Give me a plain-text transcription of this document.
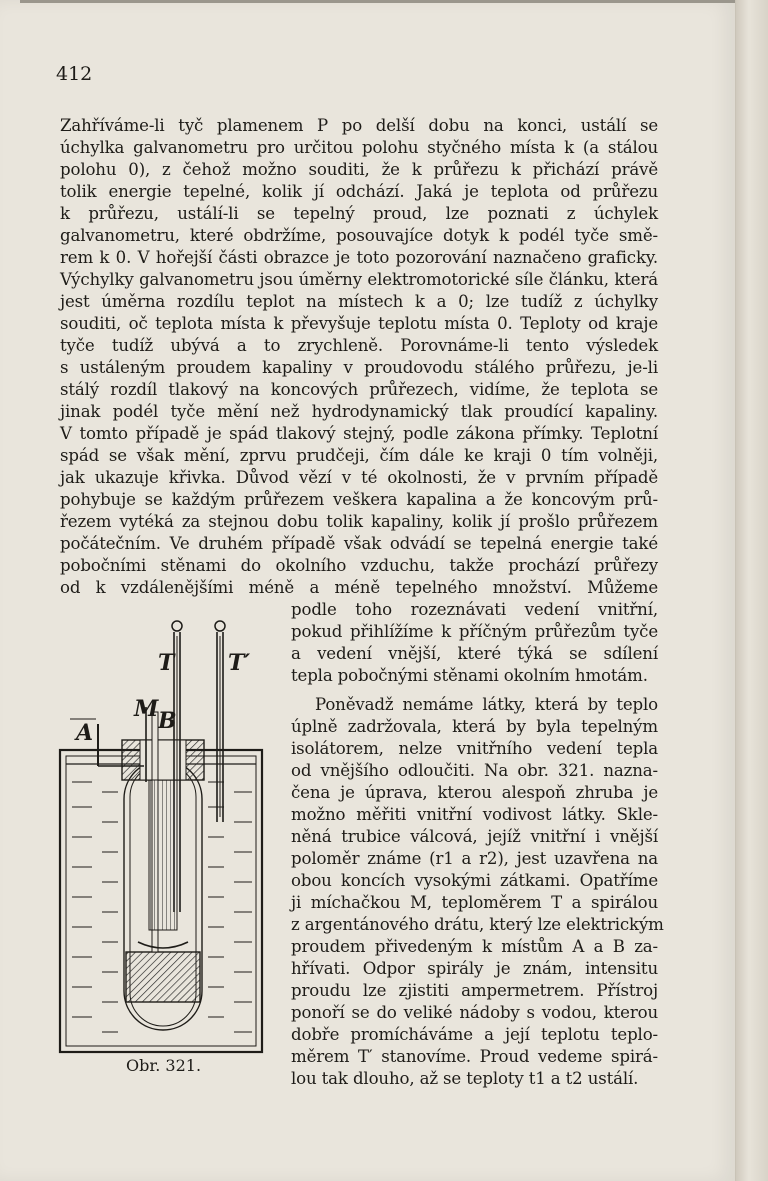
412
Zahříváme-li tyč plamenem P po delší dobu na konci, ustálí se
úchylka galvanometru pro určitou polohu styčného místa k (a stálou
polohu 0), z čehož možno souditi, že k průřezu k přichází právě
tolik energie tepelné, kolik jí odchází. Jaká je teplota od průřezu
k průřezu, ustálí-li se tepelný proud, lze poznati z úchylek
galvanometru, které obdržíme, posouvajíce dotyk k podél tyče smě-
rem k 0. V hořejší části obrazce je toto pozorování naznačeno graficky.
Výchylky galvanometru jsou úměrny elektromotorické síle článku, která
jest úměrna rozdílu teplot na místech k a 0; lze tudíž z úchylky
souditi, oč teplota místa k převyšuje teplotu místa 0. Teploty od kraje
tyče tudíž ubývá a to zrychleně. Porovnáme-li tento výsledek
s ustáleným proudem kapaliny v proudovodu stálého průřezu, je-li
stálý rozdíl tlakový na koncových průřezech, vidíme, že teplota se
jinak podél tyče mění než hydrodynamický tlak proudící kapaliny.
V tomto případě je spád tlakový stejný, podle zákona přímky. Teplotní
spád se však mění, zprvu prudčeji, čím dále ke kraji 0 tím volněji,
jak ukazuje křivka. Důvod vězí v té okolnosti, že v prvním případě
pohybuje se každým průřezem veškera kapalina a že koncovým prů-
řezem vytéká za stejnou dobu tolik kapaliny, kolik jí prošlo průřezem
počátečním. Ve druhém případě však odvádí se tepelná energie také
pobočními stěnami do okolního vzduchu, takže prochází průřezy
od k vzdálenějšími méně a méně tepelného množství. Můžeme
podle toho rozeznávati vedení vnitřní,
pokud přihlížíme k příčným průřezům tyče
a vedení vnější, které týká se sdílení
tepla pobočnými stěnami okolním hmotám.
Poněvadž nemáme látky, která by teplo
úplně zadržovala, která by byla tepelným
isolátorem, nelze vnitřního vedení tepla
od vnějšího odloučiti. Na obr. 321. nazna-
čena je úprava, kterou alespoň zhruba je
možno měřiti vnitřní vodivost látky. Skle-
něná trubice válcová, jejíž vnitřní i vnější
poloměr známe (r1 a r2), jest uzavřena na
obou koncích vysokými zátkami. Opatříme
ji míchačkou M, teploměrem T a spirálou
z argentánového drátu, který lze elektrickým
proudem přivedeným k místům A a B za-
hřívati. Odpor spirály je znám, intensitu
proudu lze zjistiti ampermetrem. Přístroj
ponoří se do veliké nádoby s vodou, kterou
dobře promícháváme a její teplotu teplo-
měrem T′ stanovíme. Proud vedeme spirá-
lou tak dlouho, až se teploty t1 a t2 ustálí.
T T′
M B
A
Obr. 321.
